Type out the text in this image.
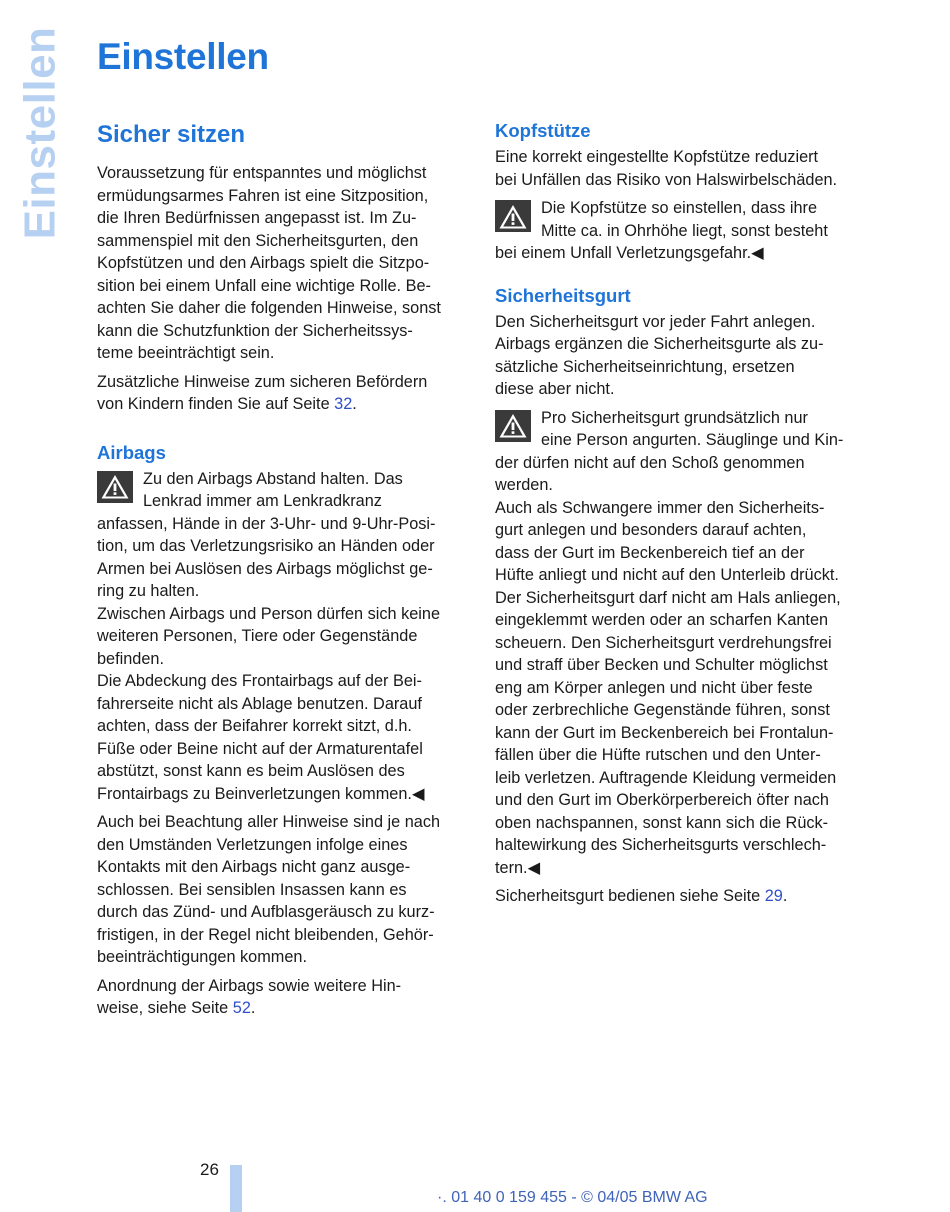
Einstellen Einstellen
Sicher sitzen

Voraussetzung für entspanntes und möglichst
ermüdungsarmes Fahren ist eine Sitzposition,
die Ihren Bedürfnissen angepasst ist. Im Zu-
sammenspiel mit den Sicherheitsgurten, den
Kopfstützen und den Airbags spielt die Sitzpo-
sition bei einem Unfall eine wichtige Rolle. Be-
achten Sie daher die folgenden Hinweise, sonst
kann die Schutzfunktion der Sicherheitssys-
teme beeinträchtigt sein.

Zusätzliche Hinweise zum sicheren Befördern
von Kindern finden Sie auf Seite 32.

Airbags
Zu den Airbags Abstand halten. Das
Lenkrad immer am Lenkradkranz
anfassen, Hände in der 3-Uhr- und 9-Uhr-Posi-
tion, um das Verletzungsrisiko an Händen oder
Armen bei Auslösen des Airbags möglichst ge-
ring zu halten.
Zwischen Airbags und Person dürfen sich keine
weiteren Personen, Tiere oder Gegenstände
befinden.
Die Abdeckung des Frontairbags auf der Bei-
fahrerseite nicht als Ablage benutzen. Darauf
achten, dass der Beifahrer korrekt sitzt, d.h.
Füße oder Beine nicht auf der Armaturentafel
abstützt, sonst kann es beim Auslösen des
Frontairbags zu Beinverletzungen kommen.◀

Auch bei Beachtung aller Hinweise sind je nach
den Umständen Verletzungen infolge eines
Kontakts mit den Airbags nicht ganz ausge-
schlossen. Bei sensiblen Insassen kann es
durch das Zünd- und Aufblasgeräusch zu kurz-
fristigen, in der Regel nicht bleibenden, Gehör-
beeinträchtigungen kommen.

Anordnung der Airbags sowie weitere Hin-
weise, siehe Seite 52.

Kopfstütze

Eine korrekt eingestellte Kopfstütze reduziert
bei Unfällen das Risiko von Halswirbelschäden.

Die Kopfstütze so einstellen, dass ihre
Mitte ca. in Ohrhöhe liegt, sonst besteht
bei einem Unfall Verletzungsgefahr.◀
Sicherheitsgurt

Den Sicherheitsgurt vor jeder Fahrt anlegen.
Airbags ergänzen die Sicherheitsgurte als zu-
sätzliche Sicherheitseinrichtung, ersetzen
diese aber nicht.

Pro Sicherheitsgurt grundsätzlich nur
eine Person angurten. Säuglinge und Kin-
der dürfen nicht auf den Schoß genommen
werden.
Auch als Schwangere immer den Sicherheits-
gurt anlegen und besonders darauf achten,
dass der Gurt im Beckenbereich tief an der
Hüfte anliegt und nicht auf den Unterleib drückt.
Der Sicherheitsgurt darf nicht am Hals anliegen,
eingeklemmt werden oder an scharfen Kanten
scheuern. Den Sicherheitsgurt verdrehungsfrei
und straff über Becken und Schulter möglichst
eng am Körper anlegen und nicht über feste
oder zerbrechliche Gegenstände führen, sonst
kann der Gurt im Beckenbereich bei Frontalun-
fällen über die Hüfte rutschen und den Unter-
leib verletzen. Auftragende Kleidung vermeiden
und den Gurt im Oberkörperbereich öfter nach
oben nachspannen, sonst kann sich die Rück-
haltewirkung des Sicherheitsgurts verschlech-
tern.◀

Sicherheitsgurt bedienen siehe Seite 29.

26
·. 01 40 0 159 455 - © 04/05 BMW AG
